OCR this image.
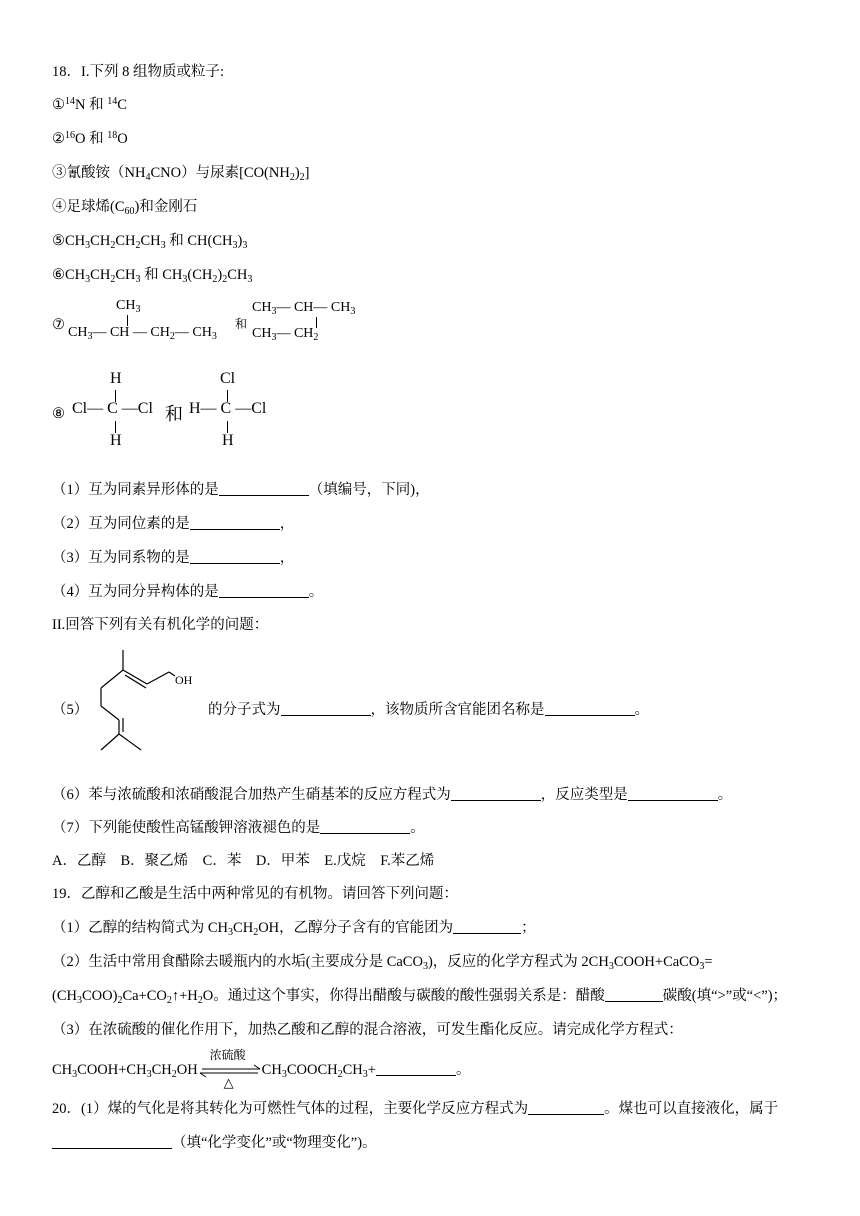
18．I.下列 8 组物质或粒子:
①$^{14}$N 和 $^{14}$C
②$^{16}$O 和 $^{18}$O
③氰酸铵$(NH_4CNO)$与尿素$[CO(NH_2)_2]$
④足球烯$(C_{60})$和金刚石
$⑤CH_3CH_2CH_2CH_3$ 和 $CH(CH_3)_3$
$⑥CH_3CH_2CH_3$ 和 $CH_3(CH_2)_2CH_3$
⑦
$CH_3$
$CH_3—$ CH — $CH_2—$ $CH_3$
和
$CH_3—$ CH— $CH_3$
$CH_3—$ $CH_2$
⑧
H
Cl— C —Cl
H
和
Cl
H— C —Cl
H
（1）互为同素异形体的是	（填编号，下同)，
（2）互为同位素的是	，
（3）互为同系物的是	，
（4）互为同分异构体的是	。
II.回答下列有关有机化学的问题：
（5）
OH
的分子式为	，该物质所含官能团名称是	。
（6）苯与浓硫酸和浓硝酸混合加热产生硝基苯的反应方程式为	，反应类型是	。
（7）下列能使酸性高锰酸钾溶液褪色的是	。
A．乙醇　B．聚乙烯　C．苯　D．甲苯　E.戊烷　F.苯乙烯
19．乙醇和乙酸是生活中两种常见的有机物。请回答下列问题：
（1）乙醇的结构简式为 $CH_3CH_2OH$，乙醇分子含有的官能团为	；
（2）生活中常用食醋除去暖瓶内的水垢(主要成分是 CaCO$_3$)，反应的化学方程式为 $2CH_3COOH+CaCO_3=$
$(CH_3COO)_2Ca+CO_2↑+H_2O$。通过这个事实，你得出醋酸与碳酸的酸性强弱关系是：醋酸	碳酸(填“>”或“<”)；
（3）在浓硫酸的催化作用下，加热乙酸和乙醇的混合溶液，可发生酯化反应。请完成化学方程式：
$CH_3COOH+CH_3CH_2OH$
浓硫酸
△
$CH_3COOCH_2CH_3+$	。
20．(1）煤的气化是将其转化为可燃性气体的过程，主要化学反应方程式为	。煤也可以直接液化，属于
（填“化学变化”或“物理变化”)。
